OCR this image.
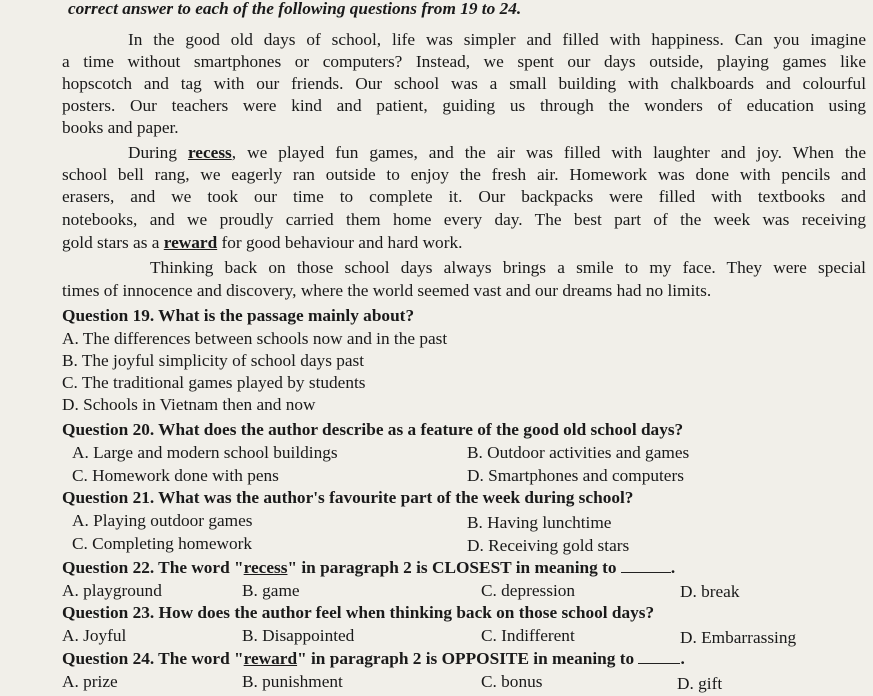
correct answer to each of the following questions from 19 to 24.
In the good old days of school, life was simpler and filled with happiness. Can you imagine
a time without smartphones or computers? Instead, we spent our days outside, playing games like
hopscotch and tag with our friends. Our school was a small building with chalkboards and colourful
posters. Our teachers were kind and patient, guiding us through the wonders of education using
books and paper.
During recess, we played fun games, and the air was filled with laughter and joy. When the
school bell rang, we eagerly ran outside to enjoy the fresh air. Homework was done with pencils and
erasers, and we took our time to complete it. Our backpacks were filled with textbooks and
notebooks, and we proudly carried them home every day. The best part of the week was receiving
gold stars as a reward for good behaviour and hard work.
Thinking back on those school days always brings a smile to my face. They were special
times of innocence and discovery, where the world seemed vast and our dreams had no limits.
Question 19. What is the passage mainly about?
A. The differences between schools now and in the past
B. The joyful simplicity of school days past
C. The traditional games played by students
D. Schools in Vietnam then and now
Question 20. What does the author describe as a feature of the good old school days?
A. Large and modern school buildings	B. Outdoor activities and games
C. Homework done with pens	D. Smartphones and computers
Question 21. What was the author's favourite part of the week during school?
A. Playing outdoor games	B. Having lunchtime
C. Completing homework	D. Receiving gold stars
Question 22. The word "recess" in paragraph 2 is CLOSEST in meaning to	.
A. playground	B. game	C. depression	D. break
Question 23. How does the author feel when thinking back on those school days?
A. Joyful	B. Disappointed	C. Indifferent	D. Embarrassing
Question 24. The word "reward" in paragraph 2 is OPPOSITE in meaning to	.
A. prize	B. punishment	C. bonus	D. gift
